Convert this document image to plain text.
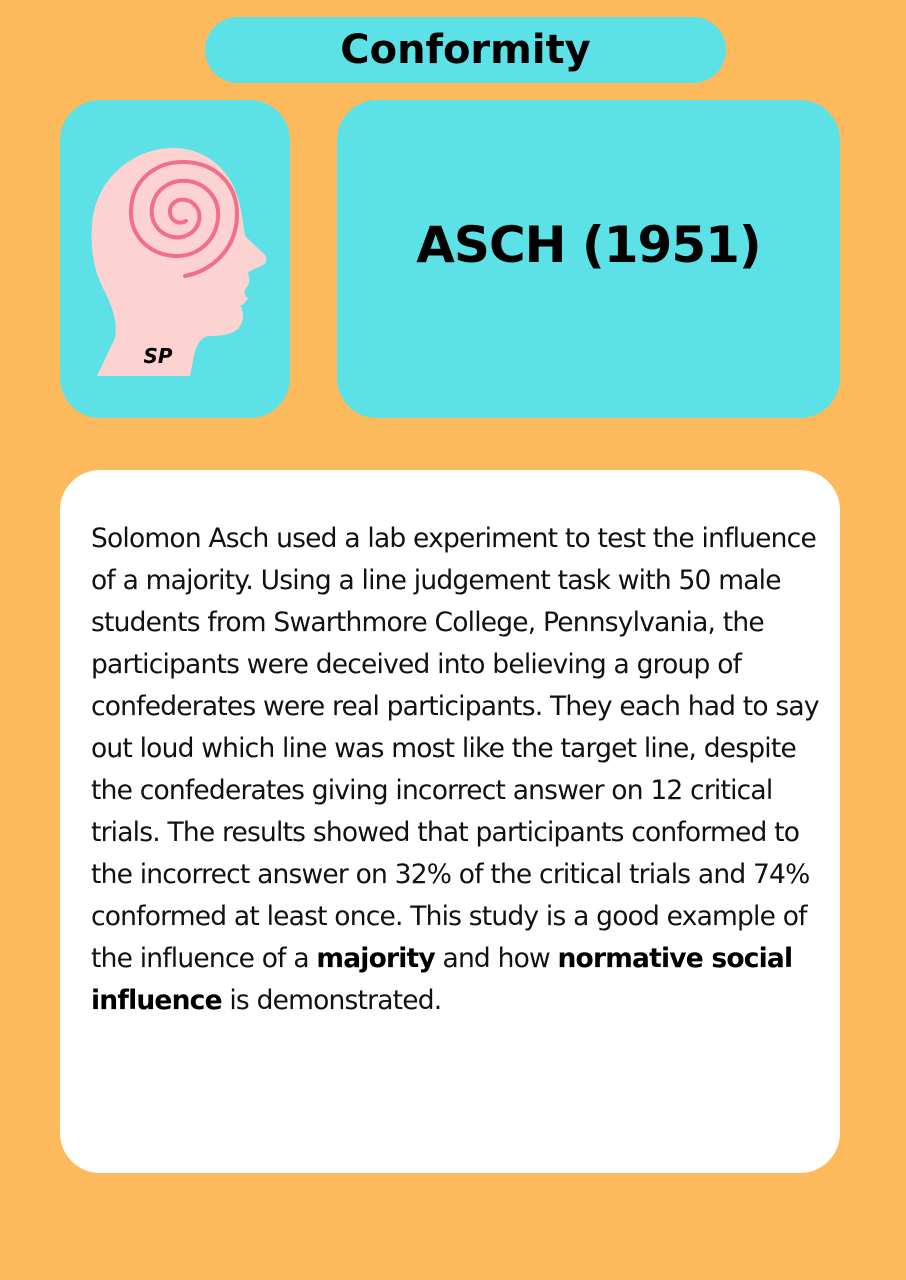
Conformity
SP
ASCH (1951)

Solomon Asch used a lab experiment to test the influence of a majority. Using a line judgement task with 50 male students from Swarthmore College, Pennsylvania, the participants were deceived into believing a group of confederates were real participants. They each had to say out loud which line was most like the target line, despite the confederates giving incorrect answer on 12 critical trials. The results showed that participants conformed to the incorrect answer on 32% of the critical trials and 74% conformed at least once. This study is a good example of the influence of a majority and how normative social influence is demonstrated.
